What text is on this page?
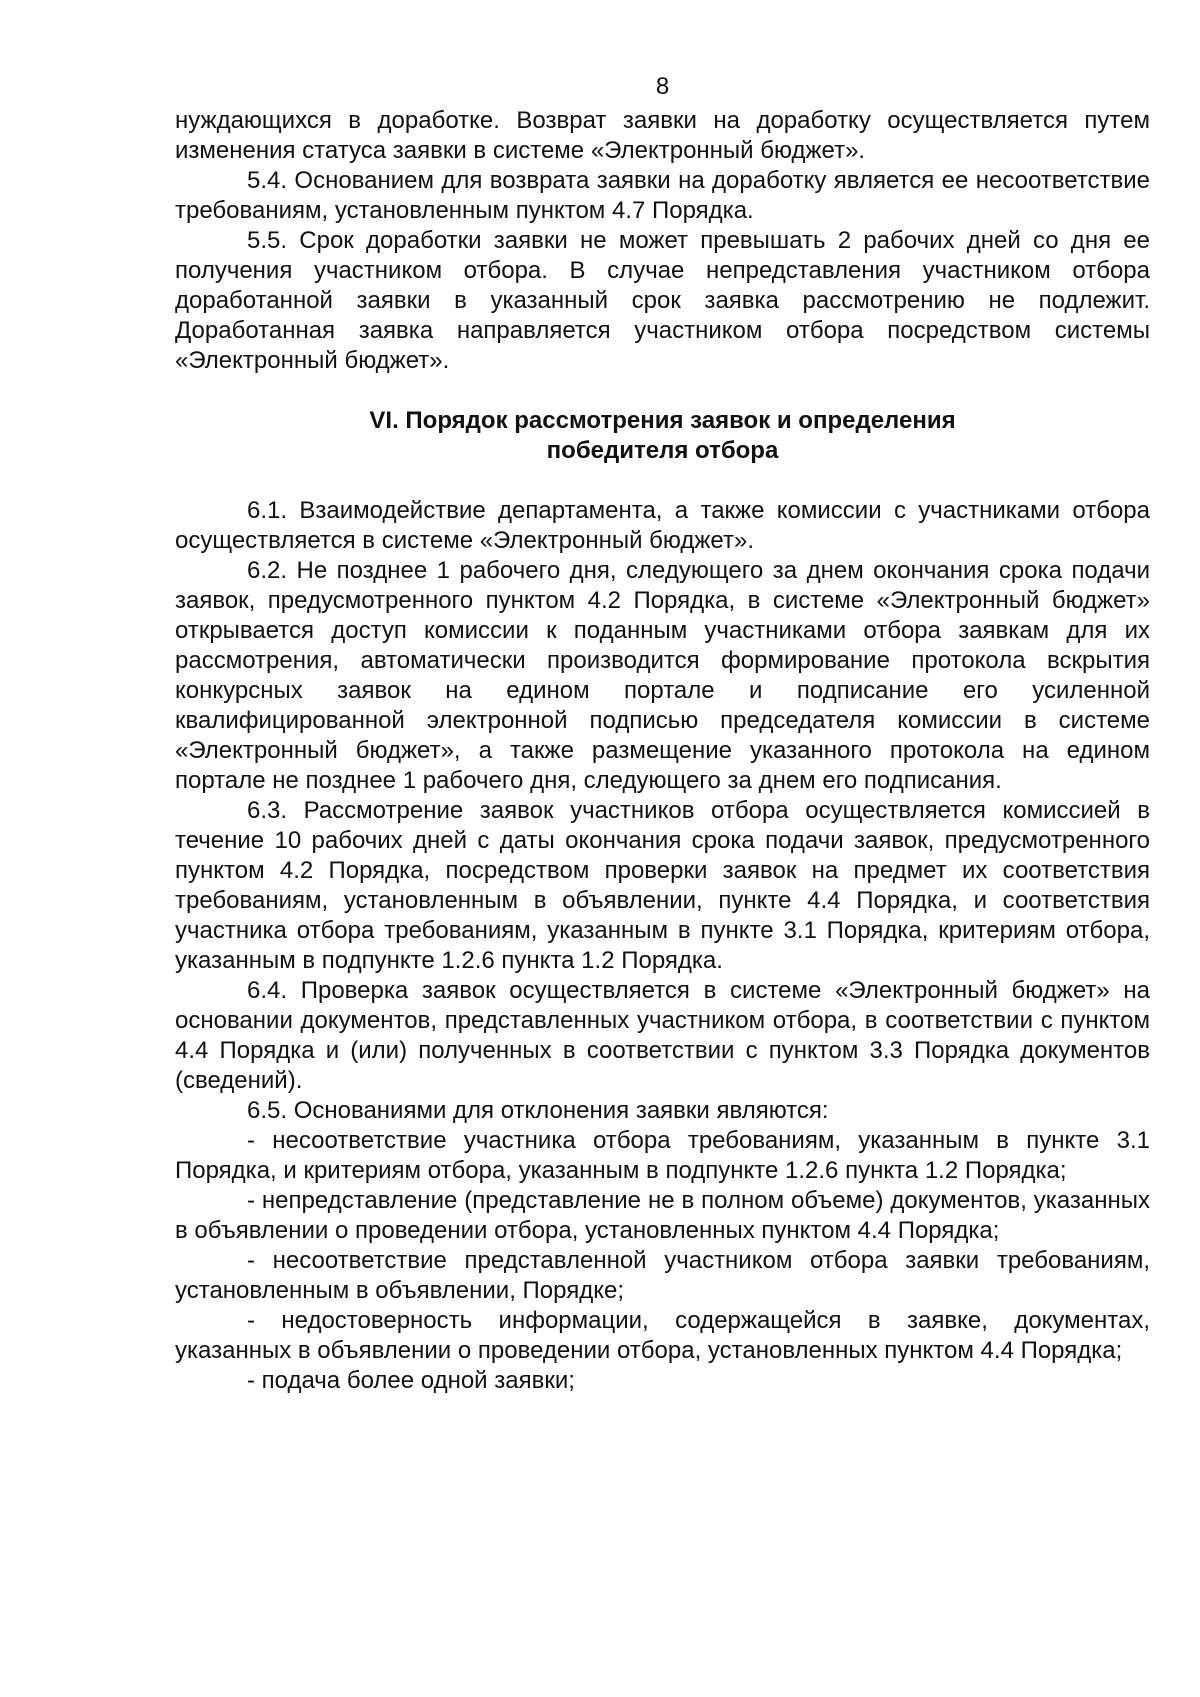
8

нуждающихся в доработке. Возврат заявки на доработку осуществляется путем изменения статуса заявки в системе «Электронный бюджет».

5.4. Основанием для возврата заявки на доработку является ее несоответствие требованиям, установленным пунктом 4.7 Порядка.

5.5. Срок доработки заявки не может превышать 2 рабочих дней со дня ее получения участником отбора. В случае непредставления участником отбора доработанной заявки в указанный срок заявка рассмотрению не подлежит. Доработанная заявка направляется участником отбора посредством системы «Электронный бюджет».

VI. Порядок рассмотрения заявок и определения
победителя отбора

6.1. Взаимодействие департамента, а также комиссии с участниками отбора осуществляется в системе «Электронный бюджет».

6.2. Не позднее 1 рабочего дня, следующего за днем окончания срока подачи заявок, предусмотренного пунктом 4.2 Порядка, в системе «Электронный бюджет» открывается доступ комиссии к поданным участниками отбора заявкам для их рассмотрения, автоматически производится формирование протокола вскрытия конкурсных заявок на едином портале и подписание его усиленной квалифицированной электронной подписью председателя комиссии в системе «Электронный бюджет», а также размещение указанного протокола на едином портале не позднее 1 рабочего дня, следующего за днем его подписания.

6.3. Рассмотрение заявок участников отбора осуществляется комиссией в течение 10 рабочих дней с даты окончания срока подачи заявок, предусмотренного пунктом 4.2 Порядка, посредством проверки заявок на предмет их соответствия требованиям, установленным в объявлении, пункте 4.4 Порядка, и соответствия участника отбора требованиям, указанным в пункте 3.1 Порядка, критериям отбора, указанным в подпункте 1.2.6 пункта 1.2 Порядка.

6.4. Проверка заявок осуществляется в системе «Электронный бюджет» на основании документов, представленных участником отбора, в соответствии с пунктом 4.4 Порядка и (или) полученных в соответствии с пунктом 3.3 Порядка документов (сведений).

6.5. Основаниями для отклонения заявки являются:

- несоответствие участника отбора требованиям, указанным в пункте 3.1 Порядка, и критериям отбора, указанным в подпункте 1.2.6 пункта 1.2 Порядка;

- непредставление (представление не в полном объеме) документов, указанных в объявлении о проведении отбора, установленных пунктом 4.4 Порядка;

- несоответствие представленной участником отбора заявки требованиям, установленным в объявлении, Порядке;

- недостоверность информации, содержащейся в заявке, документах, указанных в объявлении о проведении отбора, установленных пунктом 4.4 Порядка;

- подача более одной заявки;
